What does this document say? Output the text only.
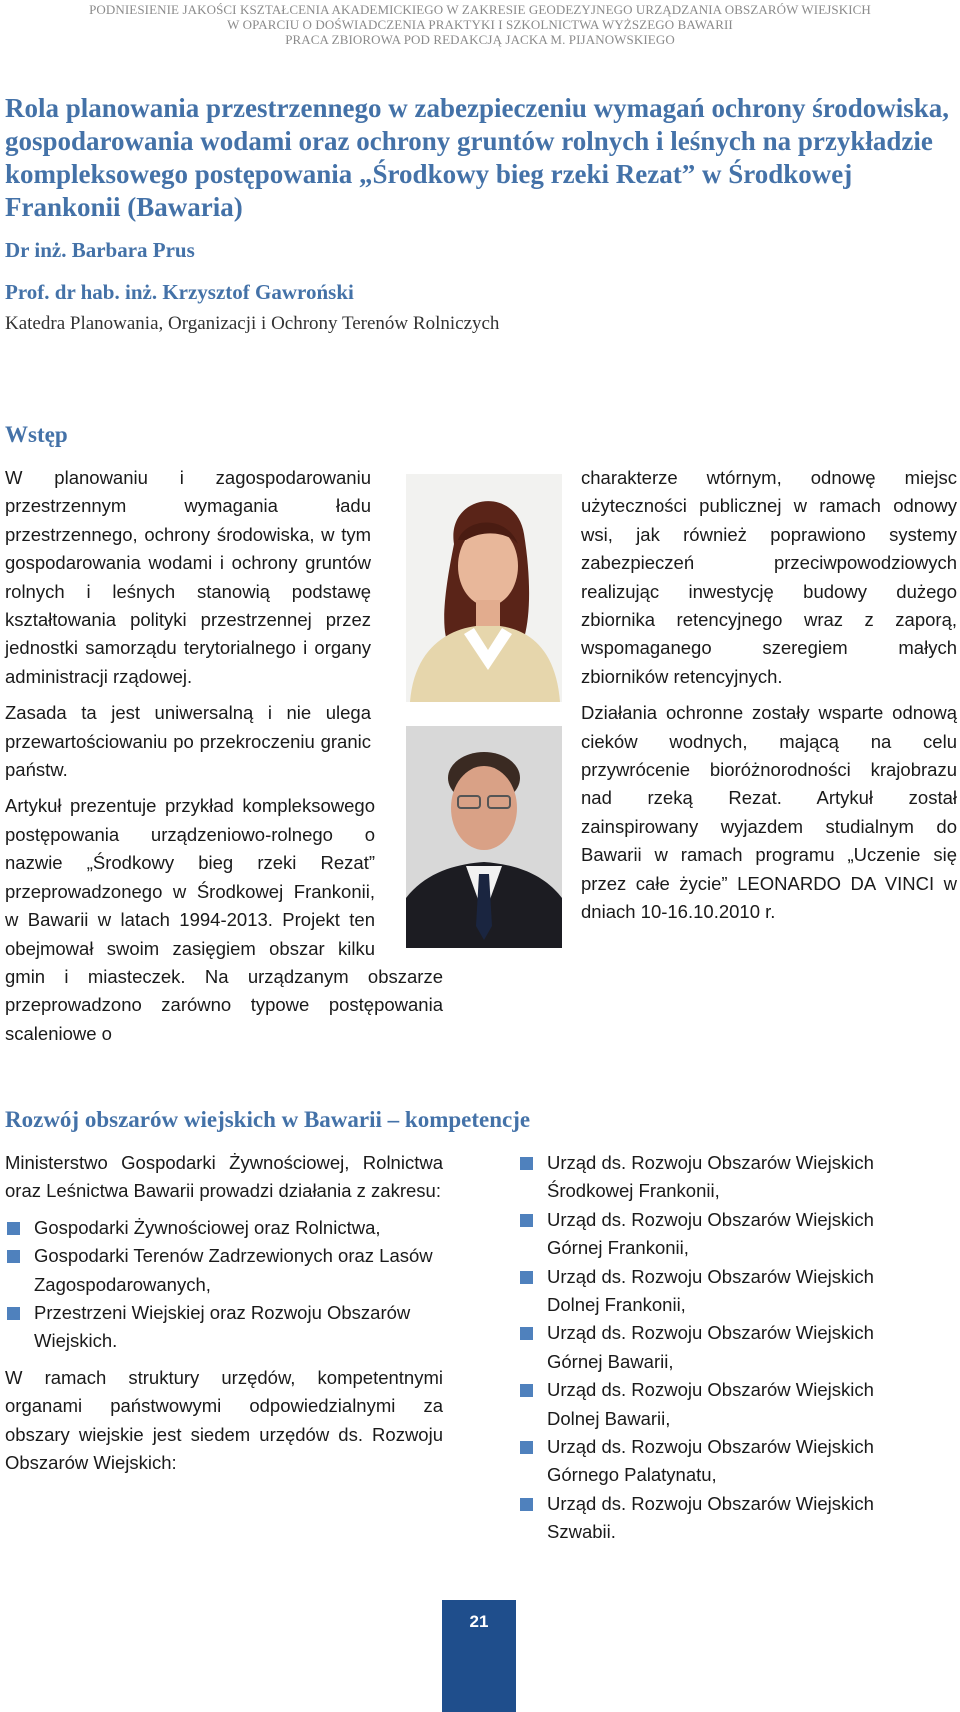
PODNIESIENIE JAKOŚCI KSZTAŁCENIA AKADEMICKIEGO W ZAKRESIE GEODEZYJNEGO URZĄDZANIA OBSZARÓW WIEJSKICH
W OPARCIU O DOŚWIADCZENIA PRAKTYKI I SZKOLNICTWA WYŻSZEGO BAWARII
PRACA ZBIOROWA POD REDAKCJĄ JACKA M. PIJANOWSKIEGO
Rola planowania przestrzennego w zabezpieczeniu wymagań ochrony środowiska, gospodarowania wodami oraz ochrony gruntów rolnych i leśnych na przykładzie kompleksowego postępowania „Środkowy bieg rzeki Rezat” w Środkowej Frankonii (Bawaria)
Dr inż. Barbara Prus
Prof. dr hab. inż. Krzysztof Gawroński
Katedra Planowania, Organizacji i Ochrony Terenów Rolniczych
Wstęp

W planowaniu i zagospodarowaniu przestrzennym wymagania ładu przestrzennego, ochrony środowiska, w tym gospodarowania wodami i ochrony gruntów rolnych i leśnych stanowią podstawę kształtowania polityki przestrzennej przez jednostki samorządu terytorialnego i organy administracji rządowej.

Zasada ta jest uniwersalną i nie ulega przewartościowaniu po przekroczeniu granic państw.

Artykuł prezentuje przykład kompleksowego postępowania urządzeniowo-rolnego o nazwie „Środkowy bieg rzeki Rezat” przeprowadzonego w Środkowej Frankonii, w Bawarii w latach 1994-2013. Projekt ten obejmował swoim zasięgiem obszar kilku gmin i miasteczek. Na urządzanym obszarze przeprowadzono zarówno typowe postępowania scaleniowe o

charakterze wtórnym, odnowę miejsc użyteczności publicznej w ramach odnowy wsi, jak również poprawiono systemy zabezpieczeń przeciwpowodziowych realizując inwestycję budowy dużego zbiornika retencyjnego wraz z zaporą, wspomaganego szeregiem małych zbiorników retencyjnych.

Działania ochronne zostały wsparte odnową cieków wodnych, mającą na celu przywrócenie bioróżnorodności krajobrazu nad rzeką Rezat. Artykuł został zainspirowany wyjazdem studialnym do Bawarii w ramach programu „Uczenie się przez całe życie” LEONARDO DA VINCI w dniach 10-16.10.2010 r.

Rozwój obszarów wiejskich w Bawarii – kompetencje

Ministerstwo Gospodarki Żywnościowej, Rolnictwa oraz Leśnictwa Bawarii prowadzi działania z zakresu:

Gospodarki Żywnościowej oraz Rolnictwa,
Gospodarki Terenów Zadrzewionych oraz Lasów Zagospodarowanych,
Przestrzeni Wiejskiej oraz Rozwoju Obszarów Wiejskich.

W ramach struktury urzędów, kompetentnymi organami państwowymi odpowiedzialnymi za obszary wiejskie jest siedem urzędów ds. Rozwoju Obszarów Wiejskich:

Urząd ds. Rozwoju Obszarów Wiejskich Środkowej Frankonii,
Urząd ds. Rozwoju Obszarów Wiejskich Górnej Frankonii,
Urząd ds. Rozwoju Obszarów Wiejskich Dolnej Frankonii,
Urząd ds. Rozwoju Obszarów Wiejskich Górnej Bawarii,
Urząd ds. Rozwoju Obszarów Wiejskich Dolnej Bawarii,
Urząd ds. Rozwoju Obszarów Wiejskich Górnego Palatynatu,
Urząd ds. Rozwoju Obszarów Wiejskich Szwabii.
21
